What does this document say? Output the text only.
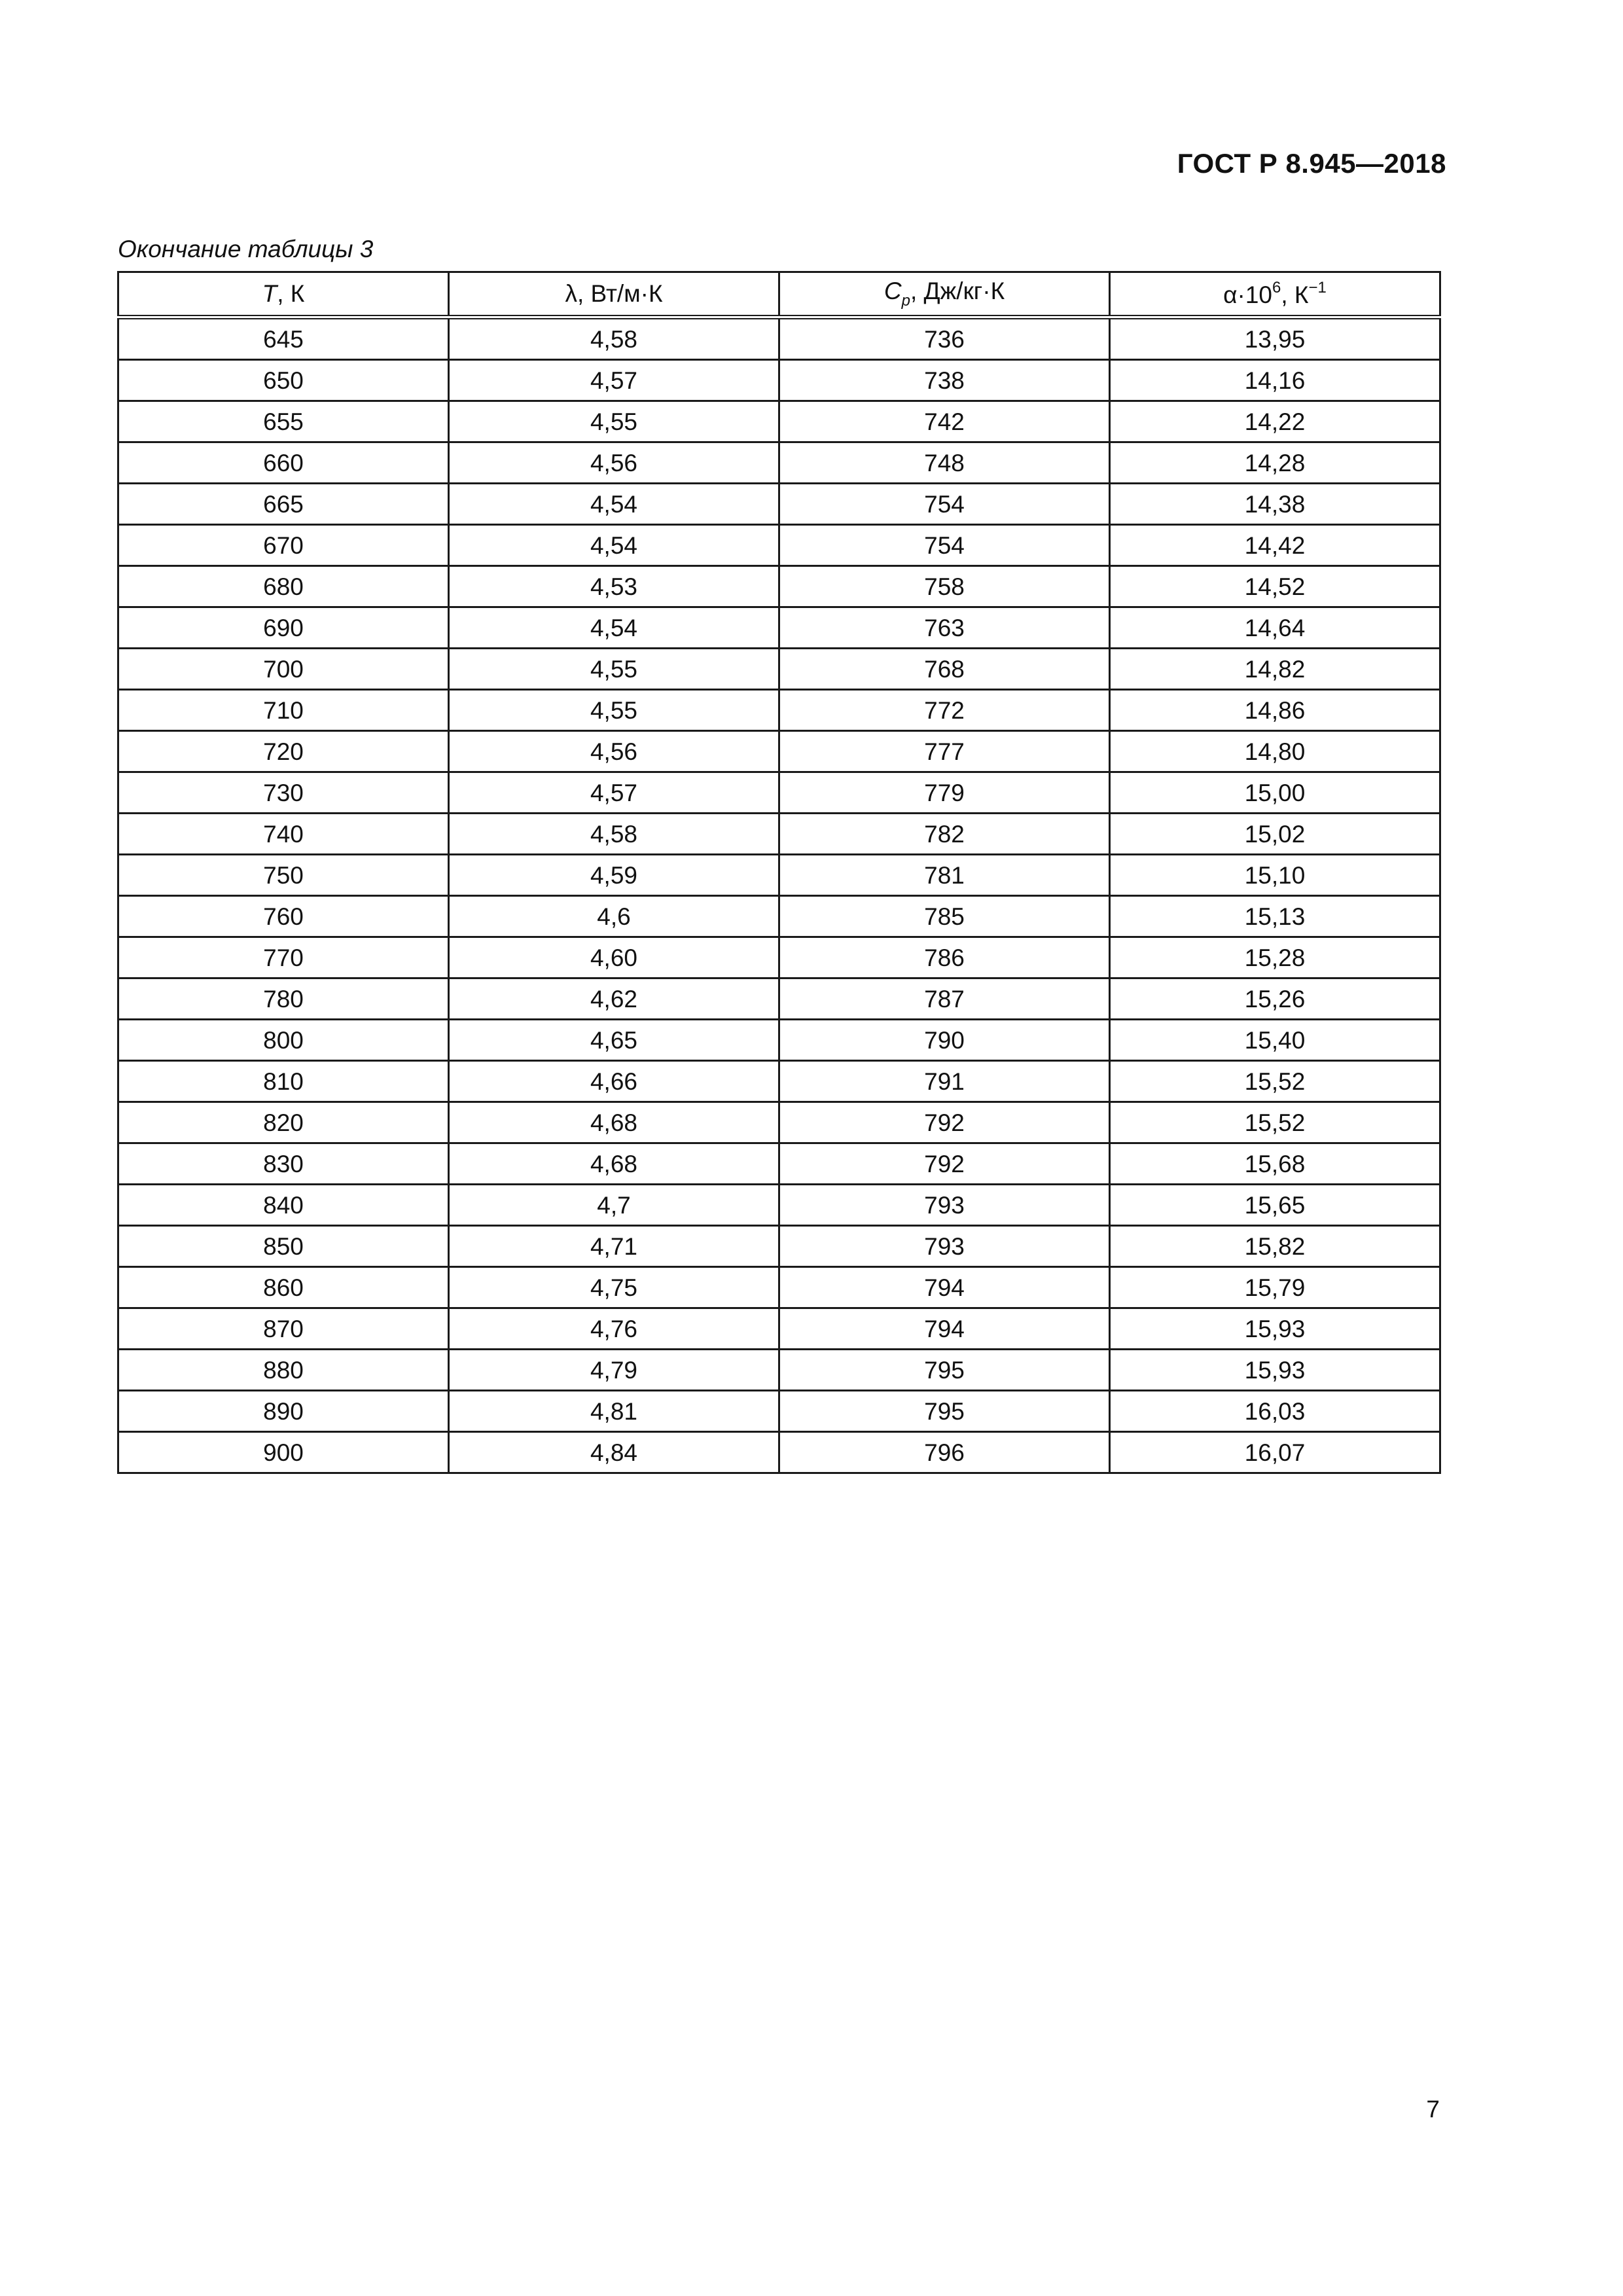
ГОСТ Р 8.945—2018
Окончание таблицы 3
T, К	λ, Вт/м·К	$C_p$, Дж/кг·К	$\alpha\cdot 10^6$, $К^{-1}$
645	4,58	736	13,95
650	4,57	738	14,16
655	4,55	742	14,22
660	4,56	748	14,28
665	4,54	754	14,38
670	4,54	754	14,42
680	4,53	758	14,52
690	4,54	763	14,64
700	4,55	768	14,82
710	4,55	772	14,86
720	4,56	777	14,80
730	4,57	779	15,00
740	4,58	782	15,02
750	4,59	781	15,10
760	4,6	785	15,13
770	4,60	786	15,28
780	4,62	787	15,26
800	4,65	790	15,40
810	4,66	791	15,52
820	4,68	792	15,52
830	4,68	792	15,68
840	4,7	793	15,65
850	4,71	793	15,82
860	4,75	794	15,79
870	4,76	794	15,93
880	4,79	795	15,93
890	4,81	795	16,03
900	4,84	796	16,07
7
